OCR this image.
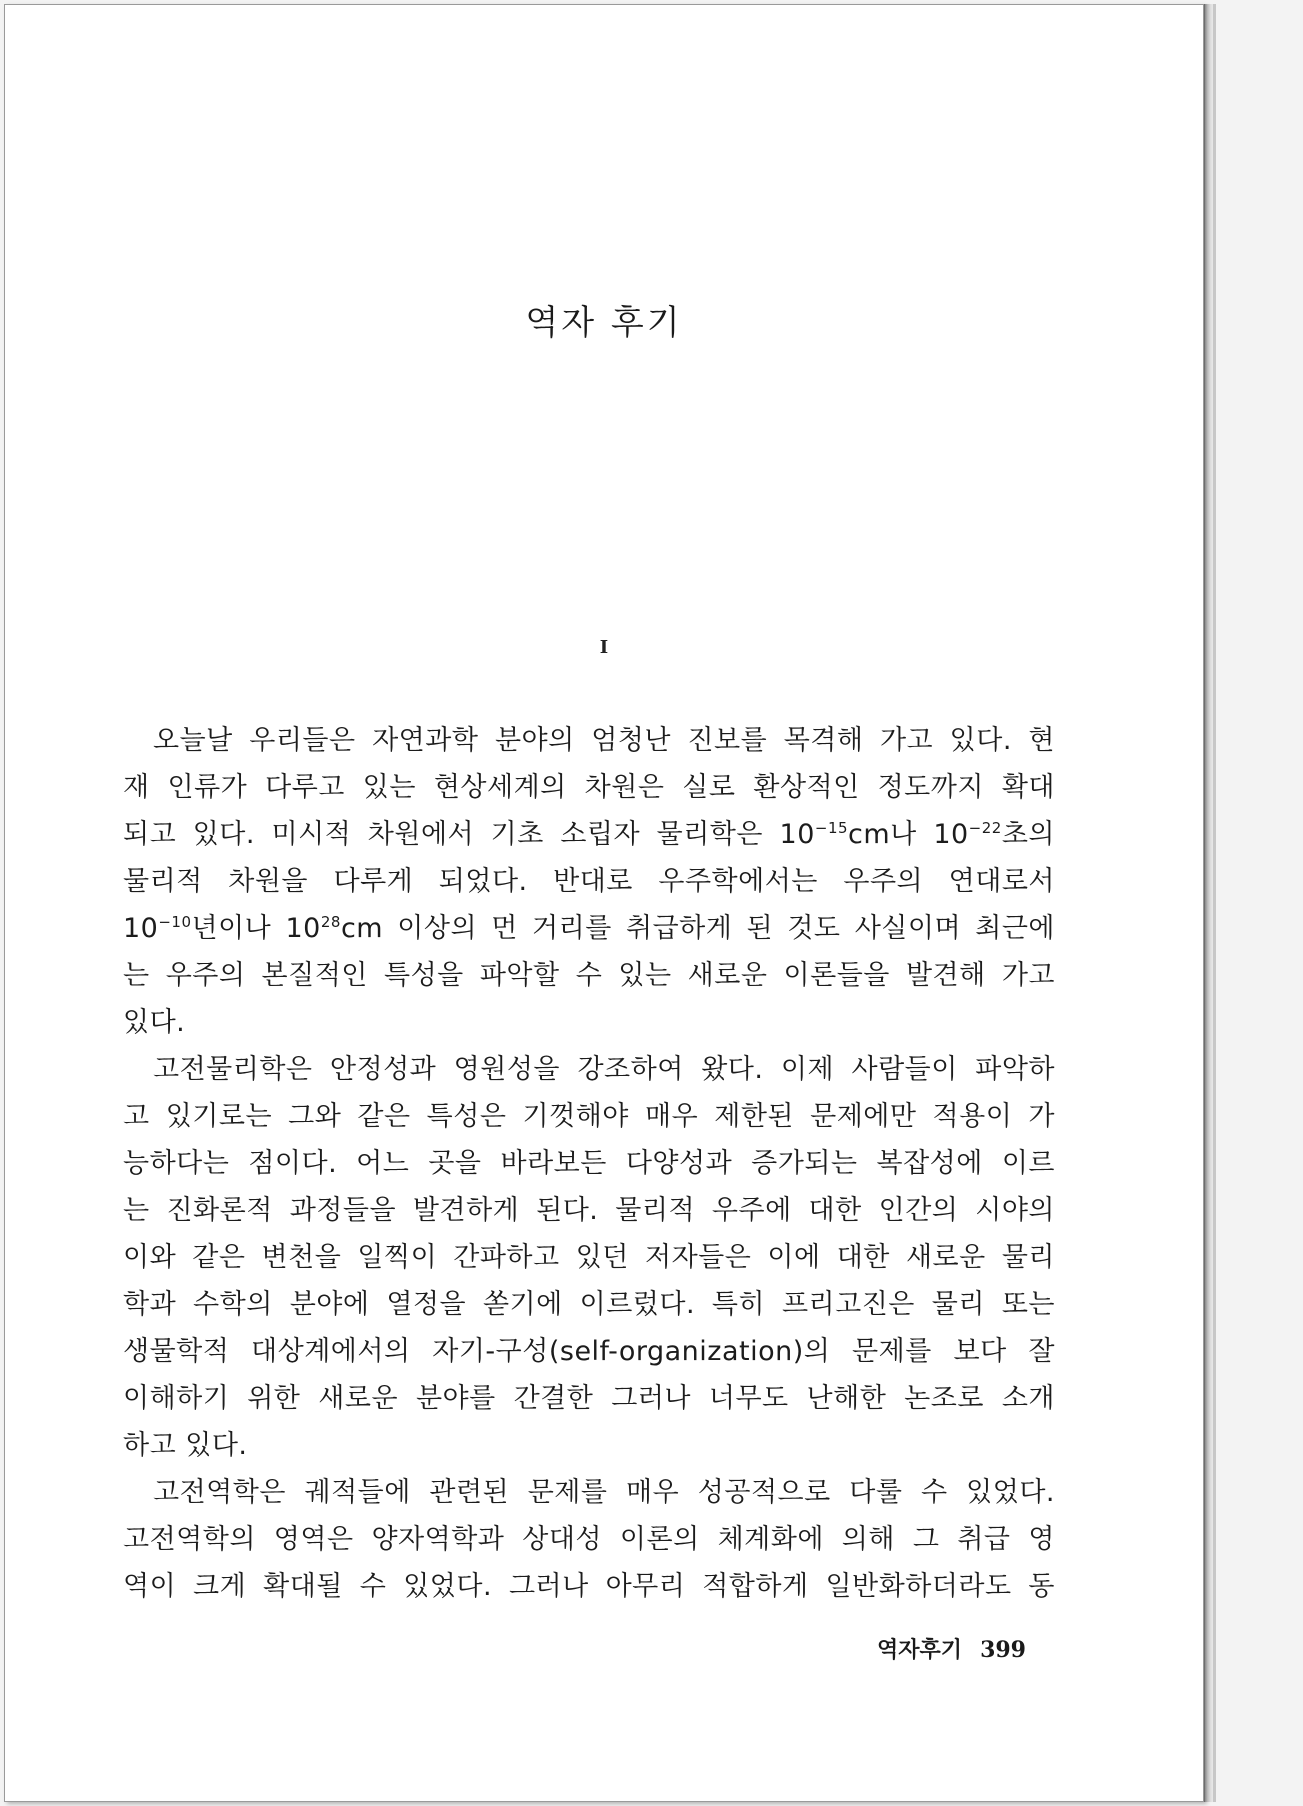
역자 후기
I
오늘날 우리들은 자연과학 분야의 엄청난 진보를 목격해 가고 있다. 현
재 인류가 다루고 있는 현상세계의 차원은 실로 환상적인 정도까지 확대
되고 있다. 미시적 차원에서 기초 소립자 물리학은 $10^{-15}cm$나 $10^{-22}$초의
물리적 차원을 다루게 되었다. 반대로 우주학에서는 우주의 연대로서
$10^{-10}$년이나 $10^{28}cm$ 이상의 먼 거리를 취급하게 된 것도 사실이며 최근에
는 우주의 본질적인 특성을 파악할 수 있는 새로운 이론들을 발견해 가고
있다.
고전물리학은 안정성과 영원성을 강조하여 왔다. 이제 사람들이 파악하
고 있기로는 그와 같은 특성은 기껏해야 매우 제한된 문제에만 적용이 가
능하다는 점이다. 어느 곳을 바라보든 다양성과 증가되는 복잡성에 이르
는 진화론적 과정들을 발견하게 된다. 물리적 우주에 대한 인간의 시야의
이와 같은 변천을 일찍이 간파하고 있던 저자들은 이에 대한 새로운 물리
학과 수학의 분야에 열정을 쏟기에 이르렀다. 특히 프리고진은 물리 또는
생물학적 대상계에서의 자기-구성(self-organization)의 문제를 보다 잘
이해하기 위한 새로운 분야를 간결한 그러나 너무도 난해한 논조로 소개
하고 있다.
고전역학은 궤적들에 관련된 문제를 매우 성공적으로 다룰 수 있었다.
고전역학의 영역은 양자역학과 상대성 이론의 체계화에 의해 그 취급 영
역이 크게 확대될 수 있었다. 그러나 아무리 적합하게 일반화하더라도 동
역자후기 399
